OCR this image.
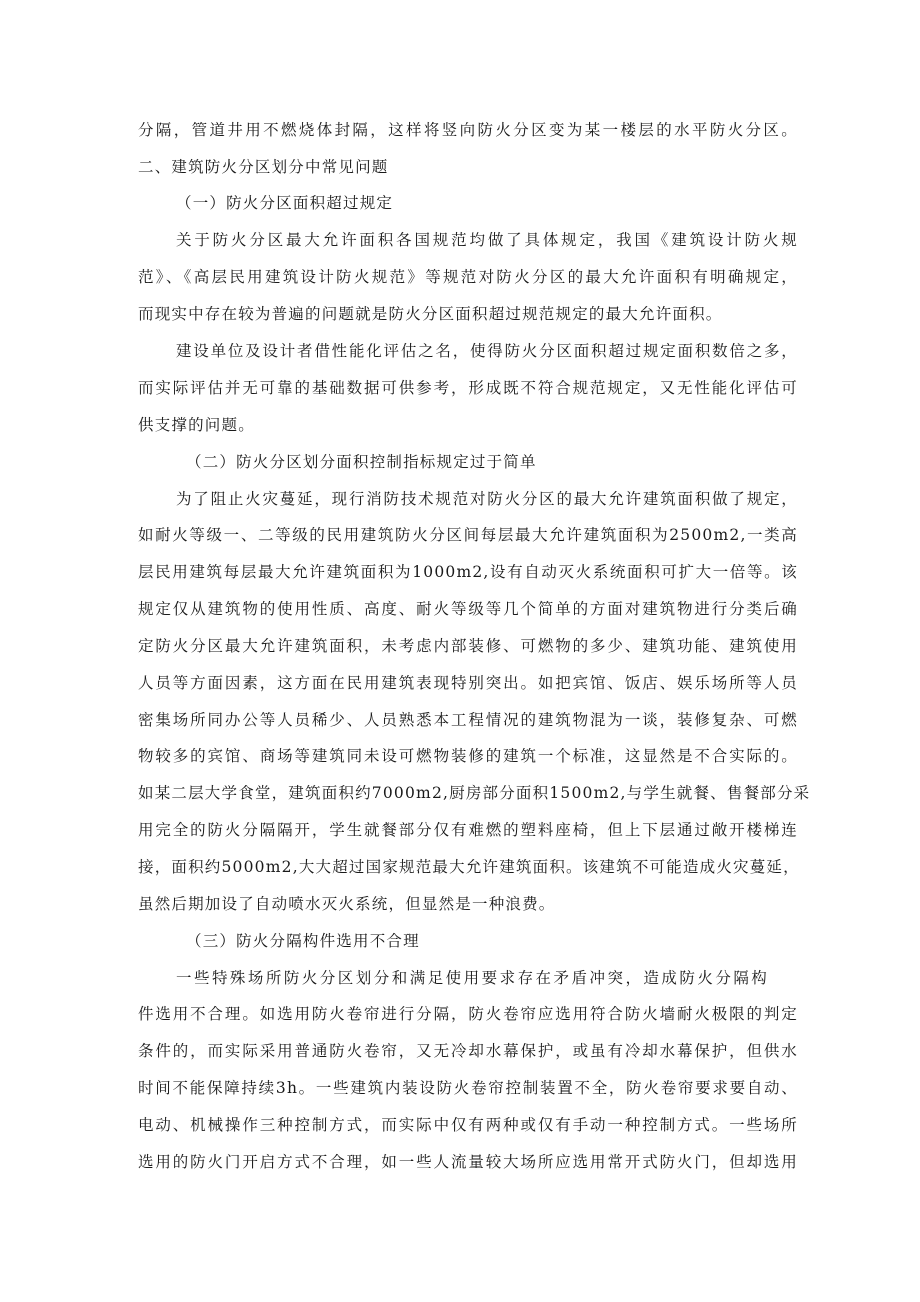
分隔，管道井用不燃烧体封隔，这样将竖向防火分区变为某一楼层的水平防火分区。
二、建筑防火分区划分中常见问题
（一）防火分区面积超过规定
关于防火分区最大允许面积各国规范均做了具体规定，我国《建筑设计防火规
范》、《高层民用建筑设计防火规范》等规范对防火分区的最大允许面积有明确规定，
而现实中存在较为普遍的问题就是防火分区面积超过规范规定的最大允许面积。
建设单位及设计者借性能化评估之名，使得防火分区面积超过规定面积数倍之多，
而实际评估并无可靠的基础数据可供参考，形成既不符合规范规定，又无性能化评估可
供支撑的问题。
（二）防火分区划分面积控制指标规定过于简单
为了阻止火灾蔓延，现行消防技术规范对防火分区的最大允许建筑面积做了规定，
如耐火等级一、二等级的民用建筑防火分区间每层最大允许建筑面积为2500m2,一类高
层民用建筑每层最大允许建筑面积为1000m2,设有自动灭火系统面积可扩大一倍等。该
规定仅从建筑物的使用性质、高度、耐火等级等几个简单的方面对建筑物进行分类后确
定防火分区最大允许建筑面积，未考虑内部装修、可燃物的多少、建筑功能、建筑使用
人员等方面因素，这方面在民用建筑表现特别突出。如把宾馆、饭店、娱乐场所等人员
密集场所同办公等人员稀少、人员熟悉本工程情况的建筑物混为一谈，装修复杂、可燃
物较多的宾馆、商场等建筑同未设可燃物装修的建筑一个标准，这显然是不合实际的。
如某二层大学食堂，建筑面积约7000m2,厨房部分面积1500m2,与学生就餐、售餐部分采
用完全的防火分隔隔开，学生就餐部分仅有难燃的塑料座椅，但上下层通过敞开楼梯连
接，面积约5000m2,大大超过国家规范最大允许建筑面积。该建筑不可能造成火灾蔓延，
虽然后期加设了自动喷水灭火系统，但显然是一种浪费。
（三）防火分隔构件选用不合理
一些特殊场所防火分区划分和满足使用要求存在矛盾冲突，造成防火分隔构
件选用不合理。如选用防火卷帘进行分隔，防火卷帘应选用符合防火墙耐火极限的判定
条件的，而实际采用普通防火卷帘，又无冷却水幕保护，或虽有冷却水幕保护，但供水
时间不能保障持续3h。一些建筑内装设防火卷帘控制装置不全，防火卷帘要求要自动、
电动、机械操作三种控制方式，而实际中仅有两种或仅有手动一种控制方式。一些场所
选用的防火门开启方式不合理，如一些人流量较大场所应选用常开式防火门，但却选用
